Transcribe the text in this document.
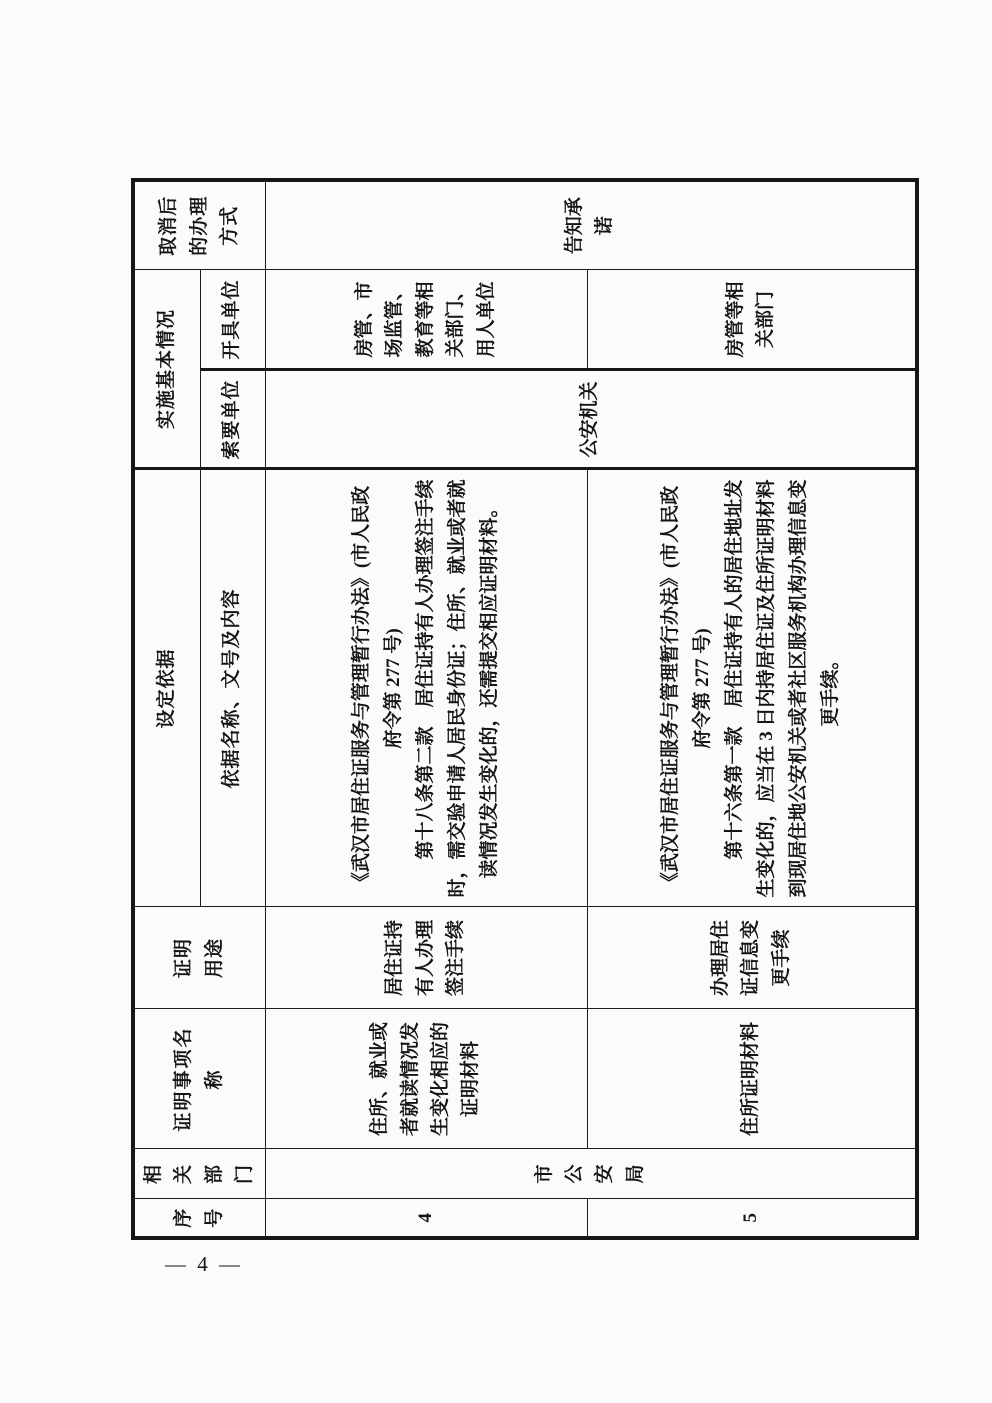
序号	相关部门	证明事项名称	证明用途	设定依据	实施基本情况		取消后的办理方式
				依据名称、文号及内容	索要单位	开具单位	
4	市公安局	住所、就业或者就读情况发生变化相应的证明材料	居住证持有人办理签注手续	《武汉市居住证服务与管理暂行办法》(市人民政府令第 277 号) 第十八条第二款　居住证持有人办理签注手续时，需交验申请人居民身份证；住所、就业或者就读情况发生变化的，还需提交相应证明材料。	公安机关	房管、市场监管、教育等相关部门、用人单位	告知承诺
5		住所证明材料	办理居住证信息变更手续	《武汉市居住证服务与管理暂行办法》(市人民政府令第 277 号) 第十六条第一款　居住证持有人的居住地址发生变化的，应当在 3 日内持居住证及住所证明材料到现居住地公安机关或者社区服务机构办理信息变更手续。		房管等相关部门	
— 4 —
